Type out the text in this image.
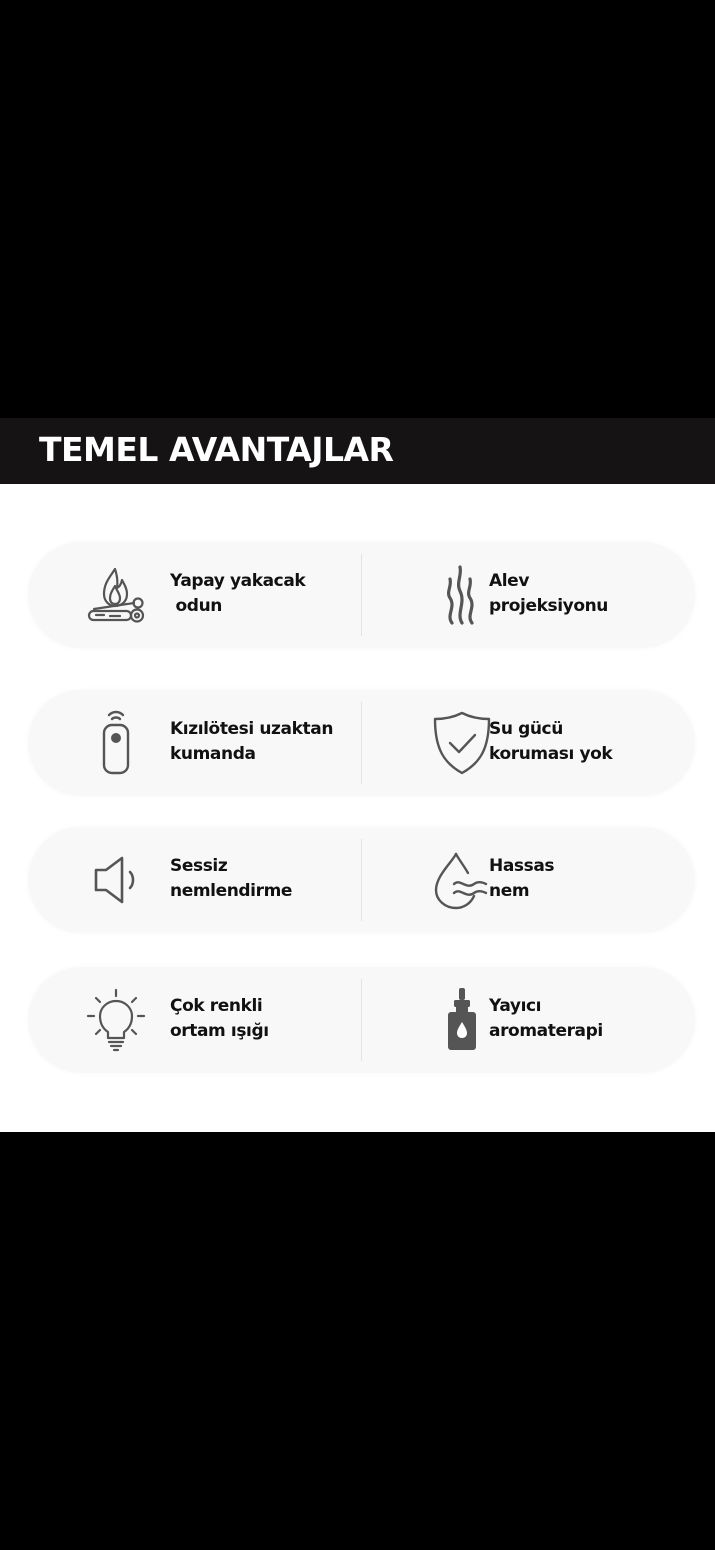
TEMEL AVANTAJLAR
Yapay yakacak
odun
Alev
projeksiyonu
Kızılötesi uzaktan
kumanda
Su gücü
koruması yok
Sessiz
nemlendirme
Hassas
nem
Çok renkli
ortam ışığı
Yayıcı
aromaterapi
